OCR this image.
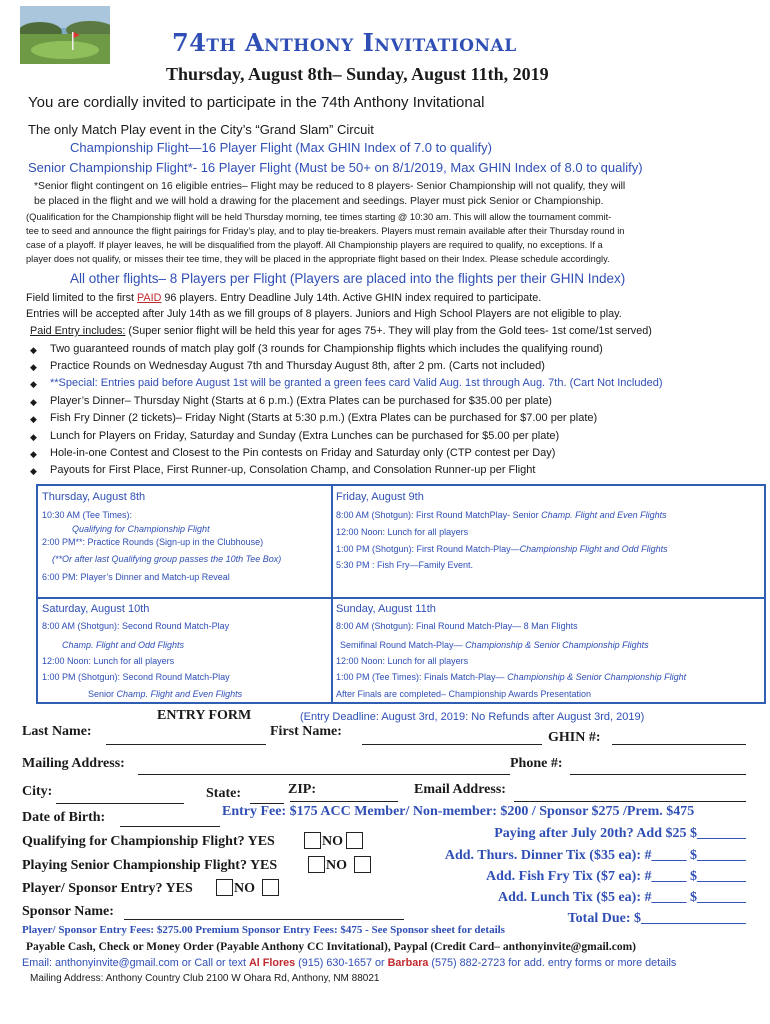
74th Anthony Invitational
Thursday, August 8th– Sunday, August 11th, 2019
You are cordially invited to participate in the 74th Anthony Invitational
The only Match Play event in the City’s “Grand Slam” Circuit
Championship Flight—16 Player Flight (Max GHIN Index of 7.0 to qualify)
Senior Championship Flight*- 16 Player Flight (Must be 50+ on 8/1/2019, Max GHIN Index of 8.0 to qualify)
*Senior flight contingent on 16 eligible entries– Flight may be reduced to 8 players- Senior Championship will not qualify, they will
be placed in the flight and we will hold a drawing for the placement and seedings. Player must pick Senior or Championship.
(Qualification for the Championship flight will be held Thursday morning, tee times starting @ 10:30 am. This will allow the tournament commit-
tee to seed and announce the flight pairings for Friday’s play, and to play tie-breakers. Players must remain available after their Thursday round in
case of a playoff. If player leaves, he will be disqualified from the playoff. All Championship players are required to qualify, no exceptions. If a
player does not qualify, or misses their tee time, they will be placed in the appropriate flight based on their Index. Please schedule accordingly.
All other flights– 8 Players per Flight (Players are placed into the flights per their GHIN Index)
Field limited to the first PAID 96 players. Entry Deadline July 14th. Active GHIN index required to participate.
Entries will be accepted after July 14th as we fill groups of 8 players. Juniors and High School Players are not eligible to play.
Paid Entry includes: (Super senior flight will be held this year for ages 75+. They will play from the Gold tees- 1st come/1st served)
◆ Two guaranteed rounds of match play golf (3 rounds for Championship flights which includes the qualifying round)
◆ Practice Rounds on Wednesday August 7th and Thursday August 8th, after 2 pm. (Carts not included)
◆ **Special: Entries paid before August 1st will be granted a green fees card Valid Aug. 1st through Aug. 7th. (Cart Not Included)
◆ Player’s Dinner– Thursday Night (Starts at 6 p.m.) (Extra Plates can be purchased for $35.00 per plate)
◆ Fish Fry Dinner (2 tickets)– Friday Night (Starts at 5:30 p.m.) (Extra Plates can be purchased for $7.00 per plate)
◆ Lunch for Players on Friday, Saturday and Sunday (Extra Lunches can be purchased for $5.00 per plate)
◆ Hole-in-one Contest and Closest to the Pin contests on Friday and Saturday only (CTP contest per Day)
◆ Payouts for First Place, First Runner-up, Consolation Champ, and Consolation Runner-up per Flight
Thursday, August 8th
10:30 AM (Tee Times):
Qualifying for Championship Flight
2:00 PM**: Practice Rounds (Sign-up in the Clubhouse)
(**Or after last Qualifying group passes the 10th Tee Box)
6:00 PM: Player’s Dinner and Match-up Reveal
Friday, August 9th
8:00 AM (Shotgun): First Round MatchPlay- Senior Champ. Flight and Even Flights
12:00 Noon: Lunch for all players
1:00 PM (Shotgun): First Round Match-Play—Championship Flight and Odd Flights
5:30 PM : Fish Fry—Family Event.
Saturday, August 10th
8:00 AM (Shotgun): Second Round Match-Play
Champ. Flight and Odd Flights
12:00 Noon: Lunch for all players
1:00 PM (Shotgun): Second Round Match-Play
Senior Champ. Flight and Even Flights
Sunday, August 11th
8:00 AM (Shotgun): Final Round Match-Play— 8 Man Flights
Semifinal Round Match-Play— Championship & Senior Championship Flights
12:00 Noon: Lunch for all players
1:00 PM (Tee Times): Finals Match-Play— Championship & Senior Championship Flight
After Finals are completed– Championship Awards Presentation
ENTRY FORM	(Entry Deadline: August 3rd, 2019: No Refunds after August 3rd, 2019)
Last Name:	First Name:	GHIN #:
Mailing Address:	Phone #:
City:	State:	ZIP:	Email Address:
Date of Birth:	Entry Fee: $175 ACC Member/ Non-member: $200 / Sponsor $275 /Prem. $475
Qualifying for Championship Flight? YES	NO
Playing Senior Championship Flight? YES	NO
Player/ Sponsor Entry? YES	NO
Sponsor Name:
Paying after July 20th? Add $25 $_______
Add. Thurs. Dinner Tix ($35 ea): #_____ $_______
Add. Fish Fry Tix ($7 ea): #_____ $_______
Add. Lunch Tix ($5 ea): #_____ $_______
Total Due: $_______________
Player/ Sponsor Entry Fees: $275.00 Premium Sponsor Entry Fees: $475 - See Sponsor sheet for details
Payable Cash, Check or Money Order (Payable Anthony CC Invitational), Paypal (Credit Card– anthonyinvite@gmail.com)
Email: anthonyinvite@gmail.com or Call or text Al Flores (915) 630-1657 or Barbara (575) 882-2723 for add. entry forms or more details
Mailing Address: Anthony Country Club 2100 W Ohara Rd, Anthony, NM 88021
